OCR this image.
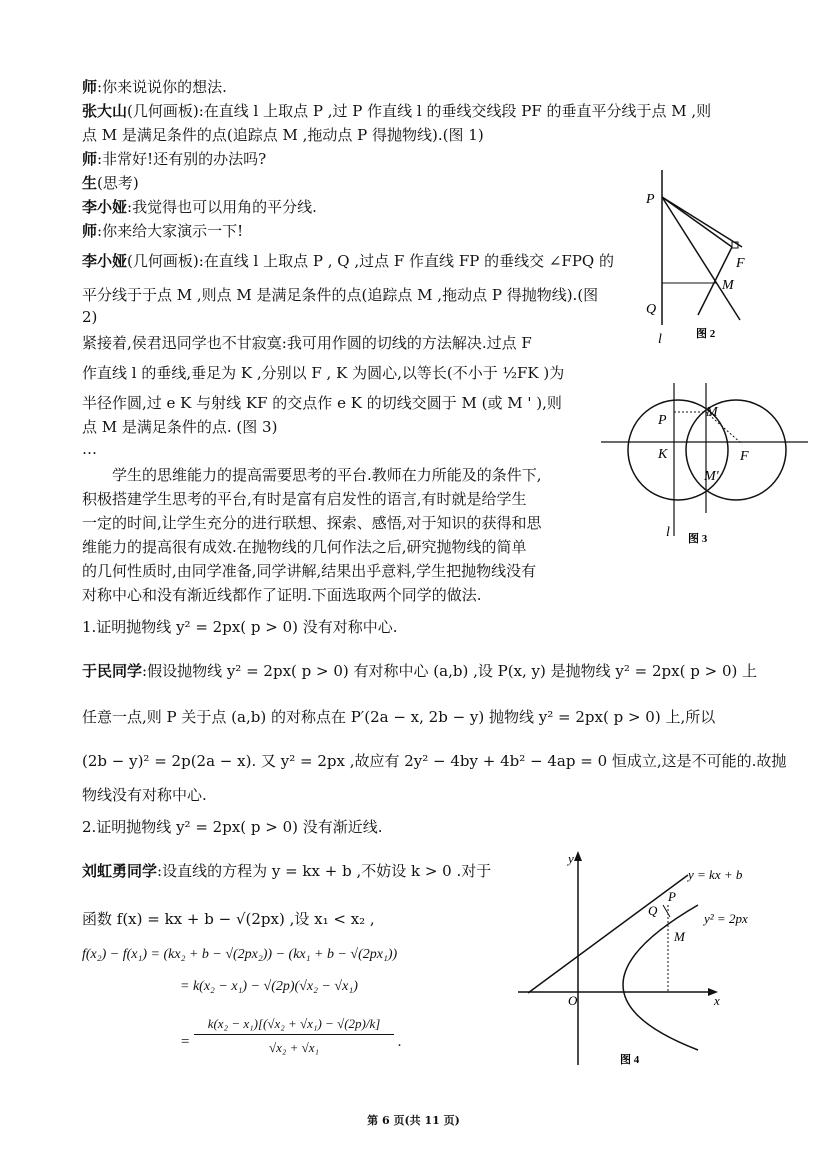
师:你来说说你的想法.
张大山(几何画板):在直线 l 上取点 P ,过 P 作直线 l 的垂线交线段 PF 的垂直平分线于点 M ,则
点 M 是满足条件的点(追踪点 M ,拖动点 P 得抛物线).(图 1)
师:非常好!还有别的办法吗?
生(思考)
李小娅:我觉得也可以用角的平分线.
师:你来给大家演示一下!
李小娅(几何画板):在直线 l 上取点 P , Q ,过点 F 作直线 FP 的垂线交 ∠FPQ 的
平分线于于点 M ,则点 M 是满足条件的点(追踪点 M ,拖动点 P 得抛物线).(图
2)
紧接着,侯君迅同学也不甘寂寞:我可用作圆的切线的方法解决.过点 F
作直线 l 的垂线,垂足为 K ,分别以 F , K 为圆心,以等长(不小于 ½FK )为
半径作圆,过 e K 与射线 KF 的交点作 e K 的切线交圆于 M (或 M ' ),则
点 M 是满足条件的点. (图 3)
…
学生的思维能力的提高需要思考的平台.教师在力所能及的条件下,
积极搭建学生思考的平台,有时是富有启发性的语言,有时就是给学生
一定的时间,让学生充分的进行联想、探索、感悟,对于知识的获得和思
维能力的提高很有成效.在抛物线的几何作法之后,研究抛物线的简单
的几何性质时,由同学准备,同学讲解,结果出乎意料,学生把抛物线没有
对称中心和没有渐近线都作了证明.下面选取两个同学的做法.
1.证明抛物线 y² = 2px( p > 0) 没有对称中心.
于民同学:假设抛物线 y² = 2px( p > 0) 有对称中心 (a,b) ,设 P(x, y) 是抛物线 y² = 2px( p > 0) 上
任意一点,则 P 关于点 (a,b) 的对称点在 P′(2a − x, 2b − y) 抛物线 y² = 2px( p > 0) 上,所以
(2b − y)² = 2p(2a − x). 又 y² = 2px ,故应有 2y² − 4by + 4b² − 4ap = 0 恒成立,这是不可能的.故抛
物线没有对称中心.
2.证明抛物线 y² = 2px( p > 0) 没有渐近线.
刘虹勇同学:设直线的方程为 y = kx + b ,不妨设 k > 0 .对于
函数 f(x) = kx + b − √(2px) ,设 x₁ < x₂ ,
f(x₂) − f(x₁) = (kx₂ + b − √(2px₂)) − (kx₁ + b − √(2px₁))
= k(x₂ − x₁) − √(2p)(√x₂ − √x₁)
=
k(x₂ − x₁)[(√x₂ + √x₁) − √(2p)/k]
√x₂ + √x₁	.
P
F
M
Q
l	图 2
P
M
K	F
M'
l 图 3
O
y
x
P
Q
M
y = kx + b
y² = 2px
图 4
第 6 页(共 11 页)
